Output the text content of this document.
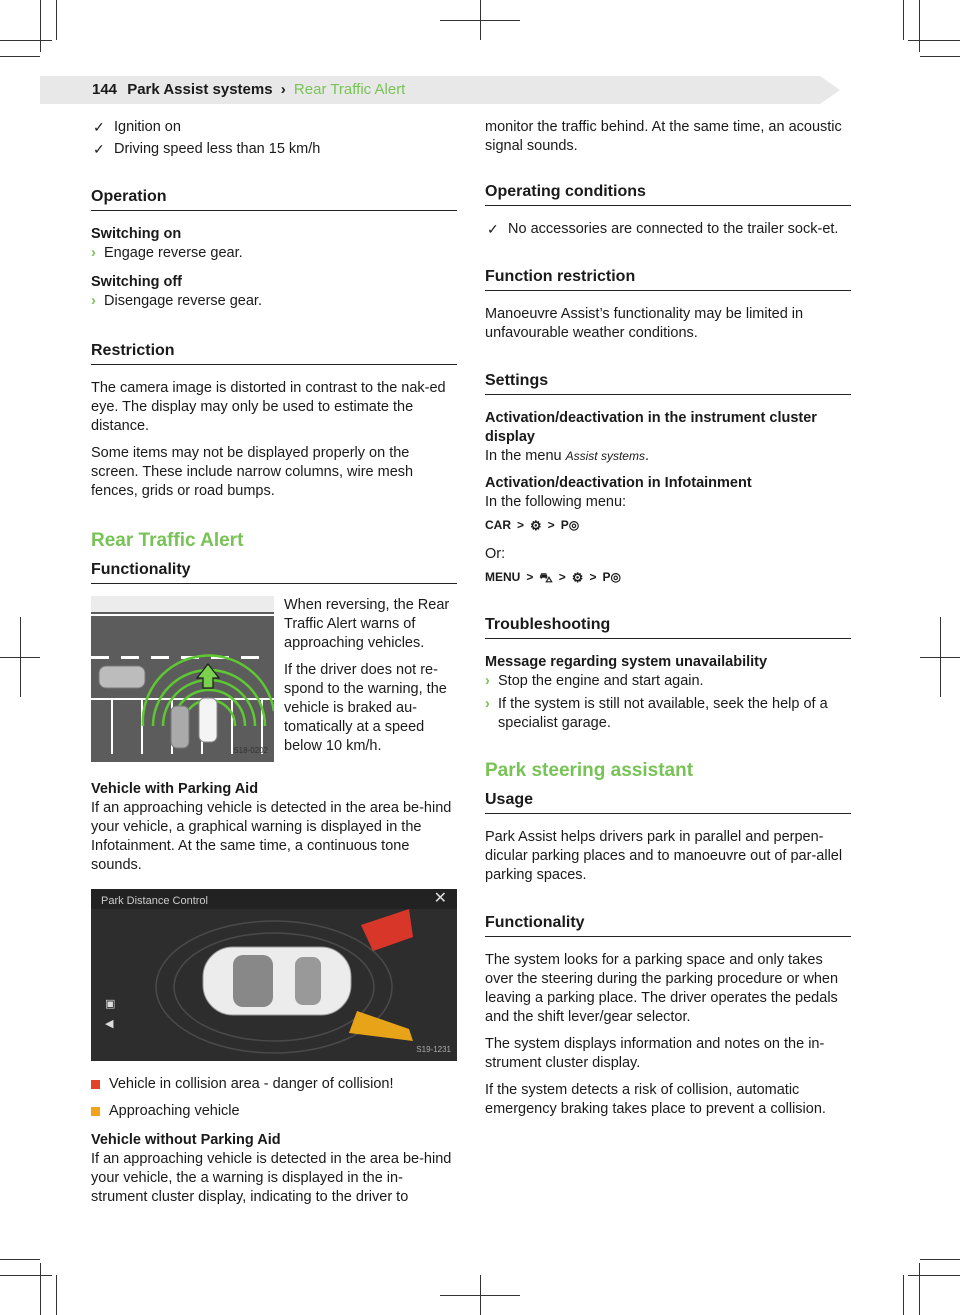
144 Park Assist systems › Rear Traffic Alert
✓ Ignition on
✓ Driving speed less than 15 km/h
Operation
Switching on
› Engage reverse gear.
Switching off
› Disengage reverse gear.
Restriction

The camera image is distorted in contrast to the nak-ed eye. The display may only be used to estimate the distance.

Some items may not be displayed properly on the screen. These include narrow columns, wire mesh fences, grids or road bumps.

Rear Traffic Alert
Functionality
S18-0202

When reversing, the Rear Traffic Alert warns of approaching vehicles.

If the driver does not re-spond to the warning, the vehicle is braked au-tomatically at a speed below 10 km/h.

Vehicle with Parking Aid

If an approaching vehicle is detected in the area be-hind your vehicle, a graphical warning is displayed in the Infotainment. At the same time, a continuous tone sounds.

▣
◀
Park Distance Control	✕
S19-1231
Vehicle in collision area - danger of collision!
Approaching vehicle
Vehicle without Parking Aid

If an approaching vehicle is detected in the area be-hind your vehicle, the a warning is displayed in the in-strument cluster display, indicating to the driver to

monitor the traffic behind. At the same time, an acoustic signal sounds.

Operating conditions
✓ No accessories are connected to the trailer sock-et.
Function restriction

Manoeuvre Assist’s functionality may be limited in unfavourable weather conditions.

Settings
Activation/deactivation in the instrument cluster display

In the menu Assist systems.

Activation/deactivation in Infotainment
In the following menu:
CAR > ⚙ > P◎
Or:
MENU > ⛍ > ⚙ > P◎
Troubleshooting
Message regarding system unavailability
› Stop the engine and start again.
› If the system is still not available, seek the help of a specialist garage.
Park steering assistant
Usage

Park Assist helps drivers park in parallel and perpen-dicular parking places and to manoeuvre out of par-allel parking spaces.

Functionality

The system looks for a parking space and only takes over the steering during the parking procedure or when leaving a parking place. The driver operates the pedals and the shift lever/gear selector.

The system displays information and notes on the in-strument cluster display.

If the system detects a risk of collision, automatic emergency braking takes place to prevent a collision.
